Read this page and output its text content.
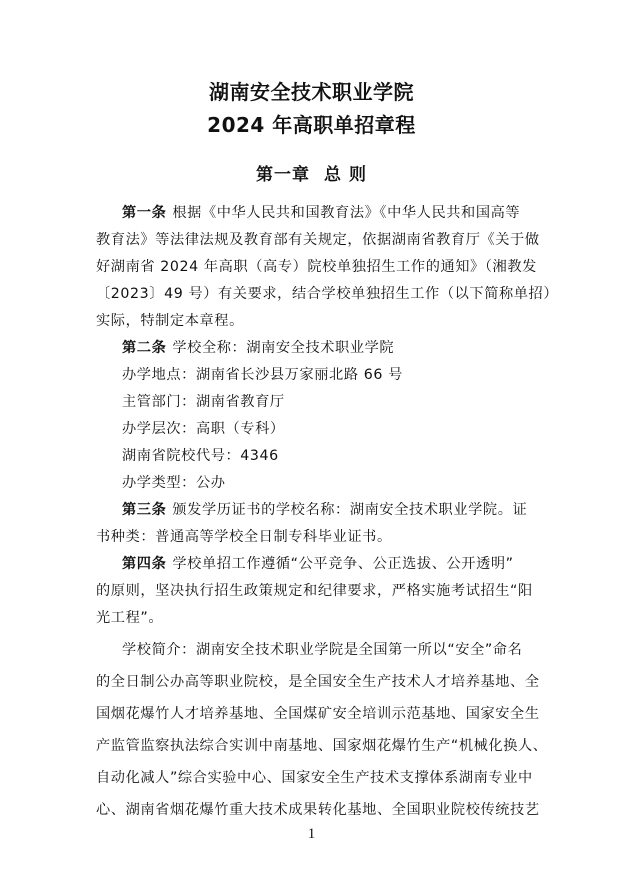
湖南安全技术职业学院
2024 年高职单招章程
第一章 总 则
第一条 根据《中华人民共和国教育法》《中华人民共和国高等
教育法》等法律法规及教育部有关规定，依据湖南省教育厅《关于做
好湖南省 2024 年高职（高专）院校单独招生工作的通知》（湘教发
〔2023〕49 号）有关要求，结合学校单独招生工作（以下简称单招）
实际，特制定本章程。
第二条 学校全称：湖南安全技术职业学院
办学地点：湖南省长沙县万家丽北路 66 号
主管部门：湖南省教育厅
办学层次：高职（专科）
湖南省院校代号：4346
办学类型：公办
第三条 颁发学历证书的学校名称：湖南安全技术职业学院。证
书种类：普通高等学校全日制专科毕业证书。
第四条 学校单招工作遵循“公平竞争、公正选拔、公开透明”
的原则，坚决执行招生政策规定和纪律要求，严格实施考试招生“阳
光工程”。
学校简介：湖南安全技术职业学院是全国第一所以“安全”命名
的全日制公办高等职业院校，是全国安全生产技术人才培养基地、全
国烟花爆竹人才培养基地、全国煤矿安全培训示范基地、国家安全生
产监管监察执法综合实训中南基地、国家烟花爆竹生产“机械化换人、
自动化减人”综合实验中心、国家安全生产技术支撑体系湖南专业中
心、湖南省烟花爆竹重大技术成果转化基地、全国职业院校传统技艺
1
